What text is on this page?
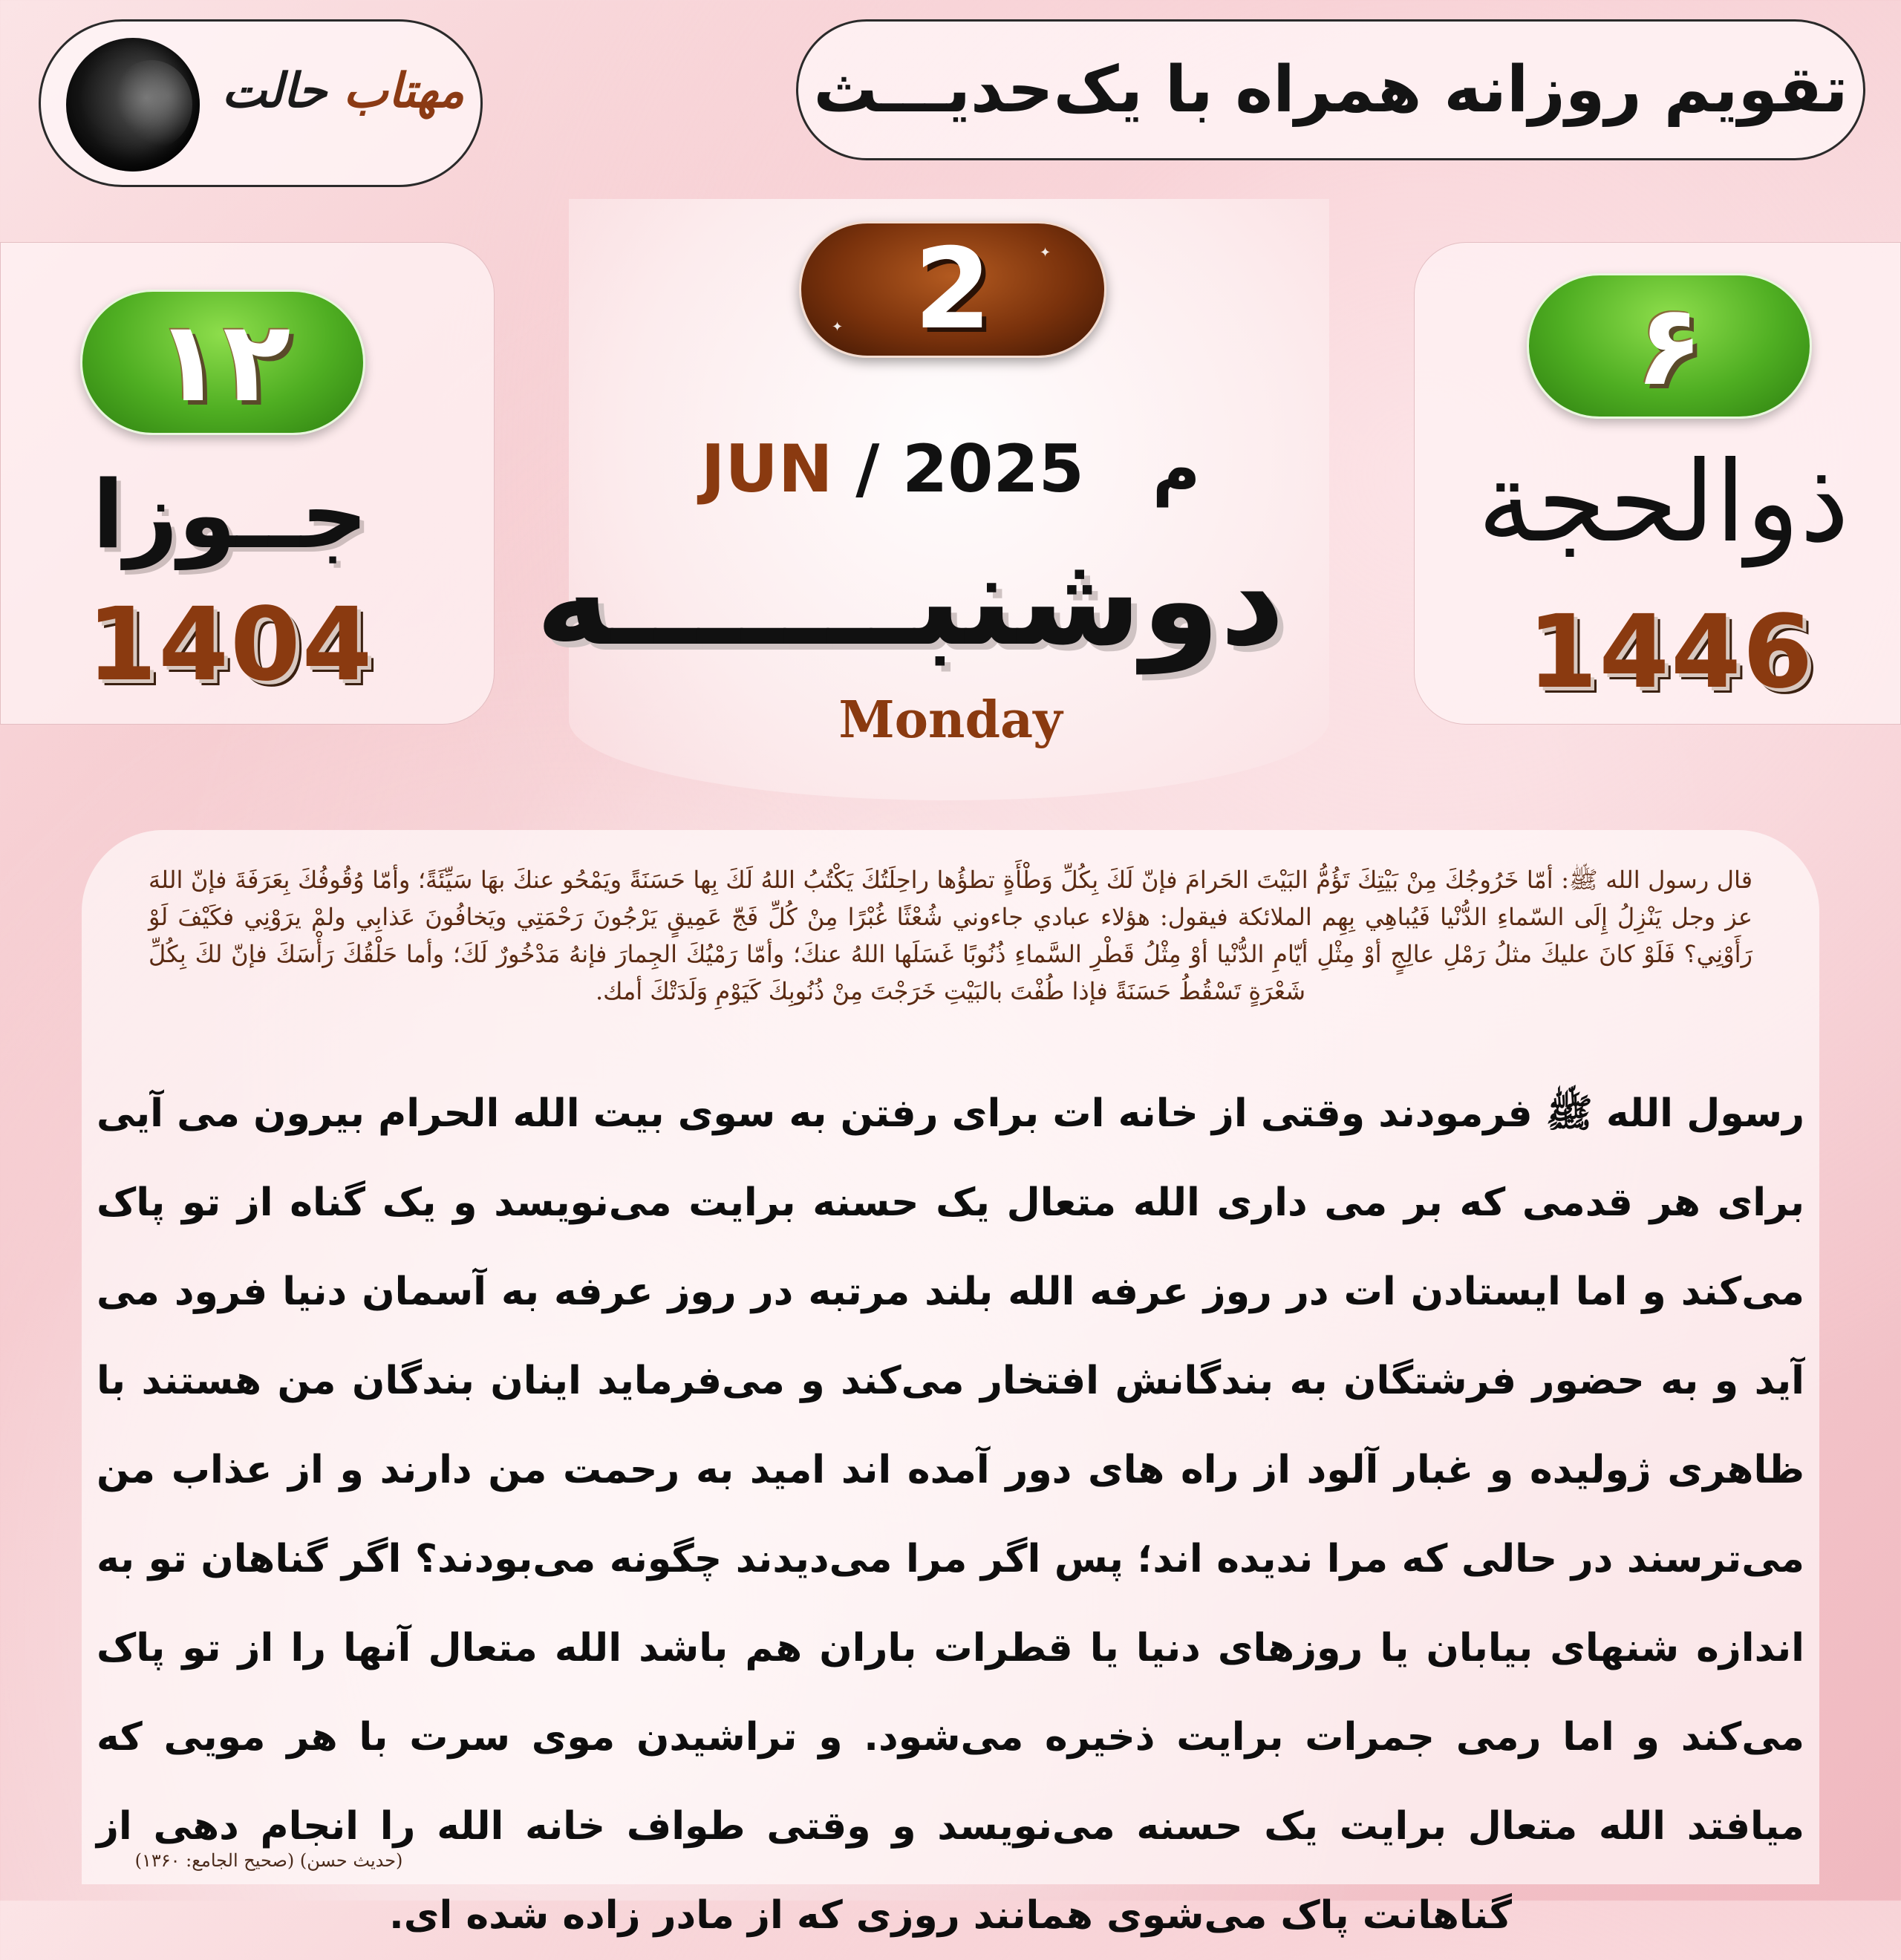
تقویم روزانه همراه با یک‌حدیـــث
مهتاب حالت
۱۲
جــوزا
1404
2
✦
✦
JUN / 2025 م
دوشنبـــــــه
Monday
۶
ذوالحجة
1446
قال رسول الله ﷺ: أمّا خَرُوجُكَ مِنْ بَيْتِكَ تَؤُمُّ البَيْتَ الحَرامَ فإنّ لَكَ بِكُلِّ وَطْأَةٍ تطؤُها راحِلَتُكَ يَكْتُبُ اللهُ لَكَ بِها حَسَنَةً ويَمْحُو عنكَ بهَا سَيِّئَةً؛ وأمّا وُقُوفُكَ بِعَرَفَةَ فإنّ اللهَ عز وجل يَنْزِلُ إِلَى السّماءِ الدُّنْيا فَيُباهِي بِهِم الملائكة فيقول: هؤلاء عبادي جاءوني شُعْثًا غُبْرًا مِنْ كُلِّ فَجّ عَمِيقٍ يَرْجُونَ رَحْمَتِي ويَخافُونَ عَذابِي ولمْ يرَوْنِي فكَيْفَ لَوْ رَأَوْنِي؟ فَلَوْ كانَ عليكَ مثلُ رَمْلِ عالِجٍ أوْ مِثْلِ أيّامِ الدُّنْيا أوْ مِثْلُ قَطْرِ السَّماءِ ذُنُوبًا غَسَلَها اللهُ عنكَ؛ وأمّا رَمْيُكَ الجِمارَ فإنهُ مَدْخُورٌ لَكَ؛ وأما حَلْقُكَ رَأْسَكَ فإنّ لكَ بِكُلِّ شَعْرَةٍ تَسْقُطُ حَسَنَةً فإذا طُفْتَ بالبَيْتِ خَرَجْتَ مِنْ ذُنُوبِكَ كَيَوْمِ وَلَدَتْكَ أمك.
رسول الله ﷺ فرمودند وقتی از خانه ات برای رفتن به سوی بیت الله الحرام بیرون می آیی برای هر قدمی که بر می داری الله متعال یک حسنه برایت می‌نویسد و یک گناه از تو پاک می‌کند و اما ایستادن ات در روز عرفه الله بلند مرتبه در روز عرفه به آسمان دنیا فرود می آید و به حضور فرشتگان به بندگانش افتخار می‌کند و می‌فرماید اینان بندگان من هستند با ظاهری ژولیده و غبار آلود از راه های دور آمده اند امید به رحمت من دارند و از عذاب من می‌ترسند در حالی که مرا ندیده اند؛ پس اگر مرا می‌دیدند چگونه می‌بودند؟ اگر گناهان تو به اندازه شنهای بیابان یا روزهای دنیا یا قطرات باران هم باشد الله متعال آنها را از تو پاک می‌کند و اما رمی جمرات برایت ذخیره می‌شود. و تراشیدن موی سرت با هر مویی که میافتد الله متعال برایت یک حسنه می‌نویسد و وقتی طواف خانه الله را انجام دهی از گناهانت پاک می‌شوی همانند روزی که از مادر زاده شده ای.
(حدیث حسن) (صحیح الجامع: ۱۳۶۰)
